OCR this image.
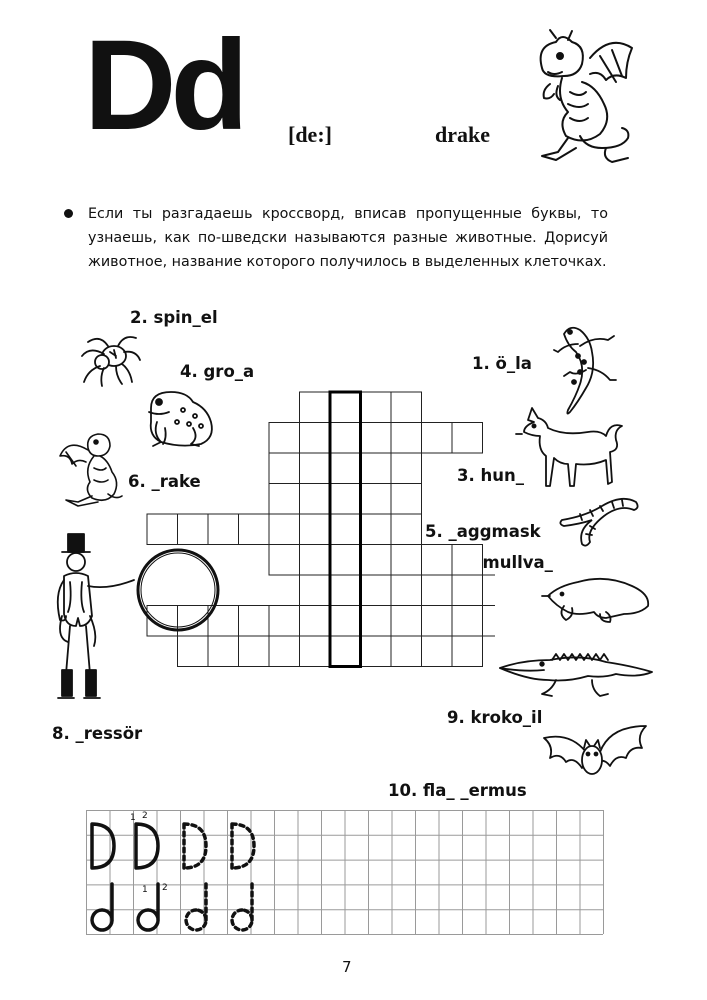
Dd [de:]	drake
Если ты разгадаешь кроссворд, вписав пропущенные буквы, то узнаешь, как по-шведски называются разные животные. Дорисуй животное, название которого получилось в выделенных клеточках.
2. spin_el
4. gro_a	1. ö_la
3. hun_
6. _rake
5. _aggmask
mullva_
8. _ressör
9. kroko_il
10. fla_ _ermus
1 2
1 2
7
